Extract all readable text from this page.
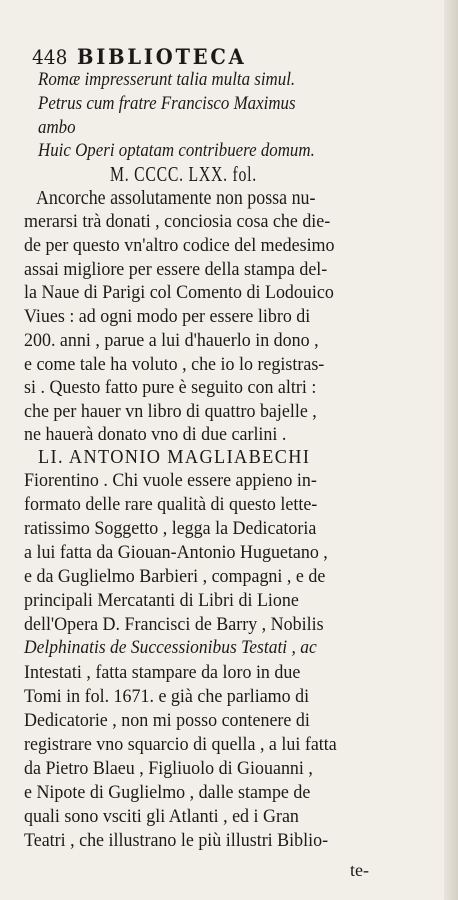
448 BIBLIOTECA
Romæ impresserunt talia multa simul.
Petrus cum fratre Francisco Maximus
ambo
Huic Operi optatam contribuere domum.
M. CCCC. LXX. fol.
Ancorche assolutamente non possa nu-
merarsi trà donati , conciosia cosa che die-
de per questo vn'altro codice del medesimo
assai migliore per essere della stampa del-
la Naue di Parigi col Comento di Lodouico
Viues : ad ogni modo per essere libro di
200. anni , parue a lui d'hauerlo in dono ,
e come tale ha voluto , che io lo registras-
si . Questo fatto pure è seguito con altri :
che per hauer vn libro di quattro bajelle ,
ne hauerà donato vno di due carlini .
LI. ANTONIO MAGLIABECHI
Fiorentino . Chi vuole essere appieno in-
formato delle rare qualità di questo lette-
ratissimo Soggetto , legga la Dedicatoria
a lui fatta da Giouan-Antonio Huguetano ,
e da Guglielmo Barbieri , compagni , e de
principali Mercatanti di Libri di Lione
dell'Opera D. Francisci de Barry , Nobilis
Delphinatis de Successionibus Testati , ac
Intestati , fatta stampare da loro in due
Tomi in fol. 1671. e già che parliamo di
Dedicatorie , non mi posso contenere di
registrare vno squarcio di quella , a lui fatta
da Pietro Blaeu , Figliuolo di Giouanni ,
e Nipote di Guglielmo , dalle stampe de
quali sono vsciti gli Atlanti , ed i Gran
Teatri , che illustrano le più illustri Biblio-
te-
